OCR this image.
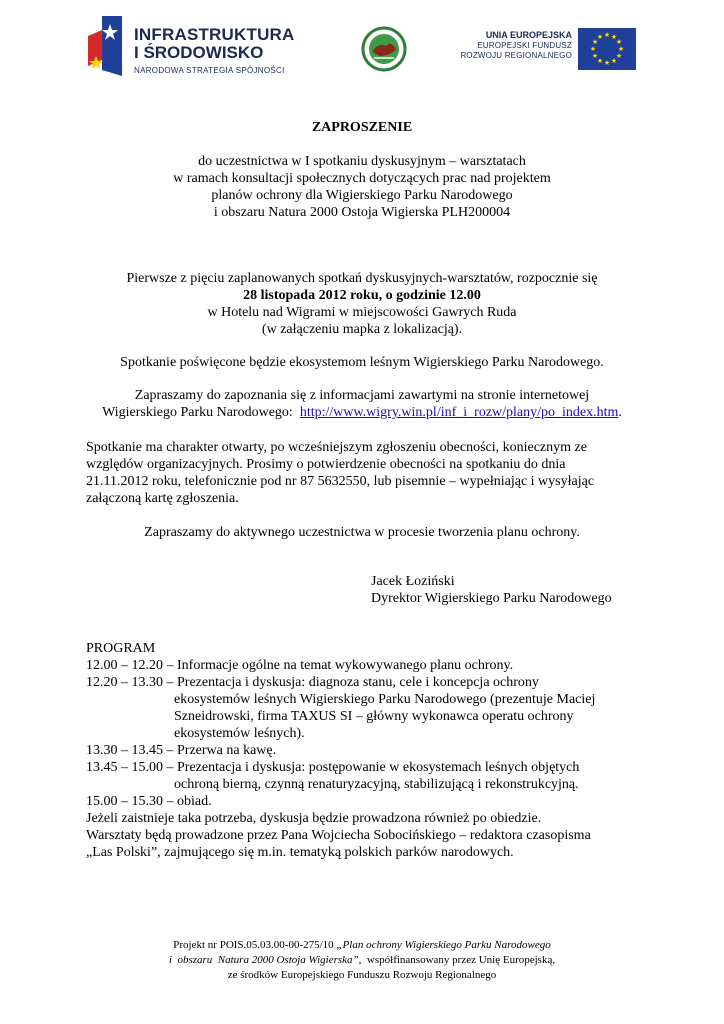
INFRASTRUKTURA
I ŚRODOWISKO
NARODOWA STRATEGIA SPÓJNOŚCI
UNIA EUROPEJSKA
EUROPEJSKI FUNDUSZ
ROZWOJU REGIONALNEGO
★ ★
★
★
★
★
★
★
★
★
★
★
ZAPROSZENIE
do uczestnictwa w I spotkaniu dyskusyjnym – warsztatach
w ramach konsultacji społecznych dotyczących prac nad projektem
planów ochrony dla Wigierskiego Parku Narodowego
i obszaru Natura 2000 Ostoja Wigierska PLH200004
Pierwsze z pięciu zaplanowanych spotkań dyskusyjnych-warsztatów, rozpocznie się
28 listopada 2012 roku, o godzinie 12.00
w Hotelu nad Wigrami w miejscowości Gawrych Ruda
(w załączeniu mapka z lokalizacją).
Spotkanie poświęcone będzie ekosystemom leśnym Wigierskiego Parku Narodowego.
Zapraszamy do zapoznania się z informacjami zawartymi na stronie internetowej
Wigierskiego Parku Narodowego:  http://www.wigry.win.pl/inf_i_rozw/plany/po_index.htm.
Spotkanie ma charakter otwarty, po wcześniejszym zgłoszeniu obecności, koniecznym ze
względów organizacyjnych. Prosimy o potwierdzenie obecności na spotkaniu do dnia
21.11.2012 roku, telefonicznie pod nr 87 5632550, lub pisemnie – wypełniając i wysyłając
załączoną kartę zgłoszenia.
Zapraszamy do aktywnego uczestnictwa w procesie tworzenia planu ochrony.
Jacek Łoziński
Dyrektor Wigierskiego Parku Narodowego
PROGRAM
12.00 – 12.20 – Informacje ogólne na temat wykowywanego planu ochrony.
12.20 – 13.30 – Prezentacja i dyskusja: diagnoza stanu, cele i koncepcja ochrony
ekosystemów leśnych Wigierskiego Parku Narodowego (prezentuje Maciej
Szneidrowski, firma TAXUS SI – główny wykonawca operatu ochrony
ekosystemów leśnych).
13.30 – 13.45 – Przerwa na kawę.
13.45 – 15.00 – Prezentacja i dyskusja: postępowanie w ekosystemach leśnych objętych
ochroną bierną, czynną renaturyzacyjną, stabilizującą i rekonstrukcyjną.
15.00 – 15.30 – obiad.
Jeżeli zaistnieje taka potrzeba, dyskusja będzie prowadzona również po obiedzie.
Warsztaty będą prowadzone przez Pana Wojciecha Sobocińskiego – redaktora czasopisma
„Las Polski”, zajmującego się m.in. tematyką polskich parków narodowych.
Projekt nr POIS.05.03.00-00-275/10 „Plan ochrony Wigierskiego Parku Narodowego
i  obszaru  Natura 2000 Ostoja Wigierska”,  współfinansowany przez Unię Europejską,
ze środków Europejskiego Funduszu Rozwoju Regionalnego
